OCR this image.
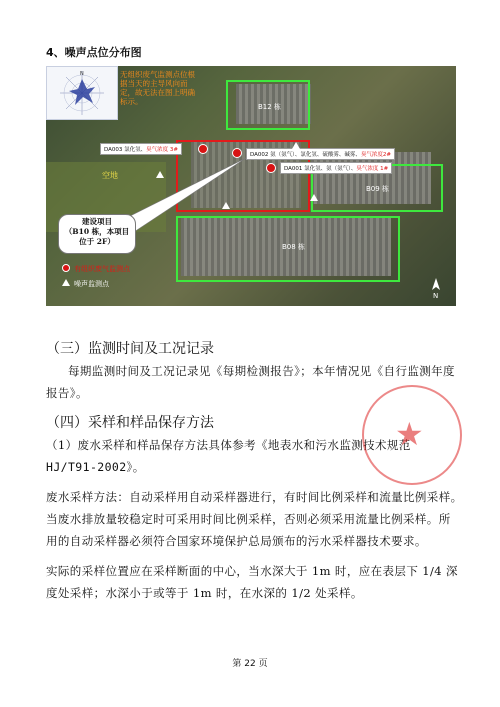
4、噪声点位分布图
B12 栋
B09 栋
B08 栋
空地
N	无组织废气监测点位根据当天的主导风向而定，故无法在图上明确标示。
DA003 氯化氢、臭气浓度 3#
DA002 氨（氨气）、氯化氢、硫酸雾、碱雾、臭气浓度2#
DA001 氯化氢、氨（氨气）、臭气浓度 1#
建设项目
（B10 栋，本项目
位于 2F）
有组织废气监测点
噪声监测点
N
（三）监测时间及工况记录
每期监测时间及工况记录见《每期检测报告》；本年情况见《自行监测年度
报告》。
（四）采样和样品保存方法
（1）废水采样和样品保存方法具体参考《地表水和污水监测技术规范
HJ/T91-2002》。
废水采样方法：自动采样用自动采样器进行，有时间比例采样和流量比例采样。
当废水排放量较稳定时可采用时间比例采样，否则必须采用流量比例采样。所
用的自动采样器必须符合国家环境保护总局颁布的污水采样器技术要求。
实际的采样位置应在采样断面的中心，当水深大于 1m 时，应在表层下 1/4 深
度处采样；水深小于或等于 1m 时，在水深的 1/2 处采样。
★
第 22 页
